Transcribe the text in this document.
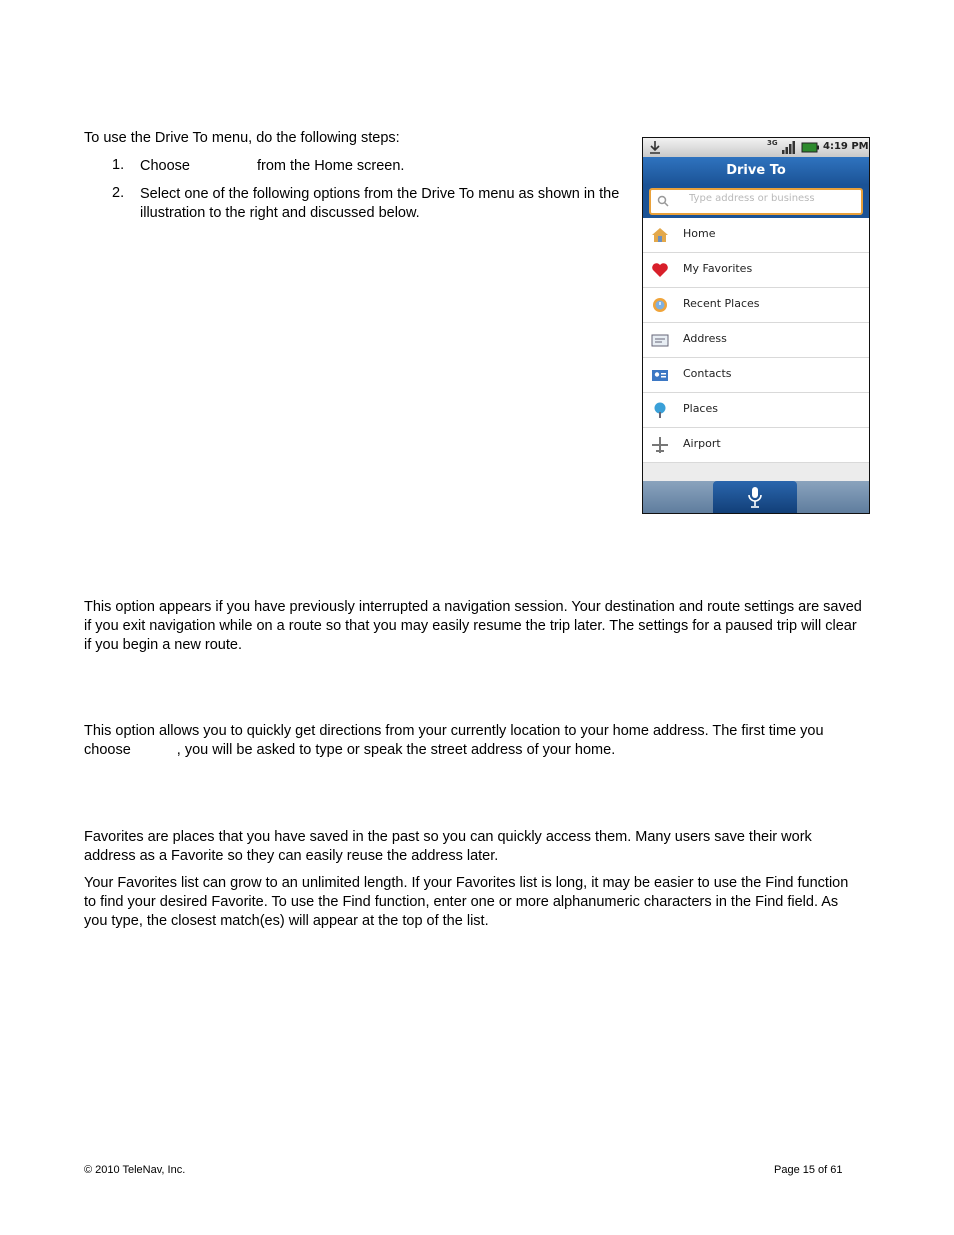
To use the Drive To menu, do the following steps:

1. Choose	from the Home screen.
2. Select one of the following options from the Drive To menu as shown in the illustration to the right and discussed below.
3G	4:19 PM
Drive To
Type address or business
Home
My Favorites
Recent Places
Address
Contacts
Places
Airport

This option appears if you have previously interrupted a navigation session. Your destination and route settings are saved if you exit navigation while on a route so that you may easily resume the trip later. The settings for a paused trip will clear if you begin a new route.

This option allows you to quickly get directions from your currently location to your home address. The first time you choose	, you will be asked to type or speak the street address of your home.

Favorites are places that you have saved in the past so you can quickly access them. Many users save their work address as a Favorite so they can easily reuse the address later.

Your Favorites list can grow to an unlimited length. If your Favorites list is long, it may be easier to use the Find function to find your desired Favorite. To use the Find function, enter one or more alphanumeric characters in the Find field. As you type, the closest match(es) will appear at the top of the list.

© 2010 TeleNav, Inc.	Page 15 of 61
